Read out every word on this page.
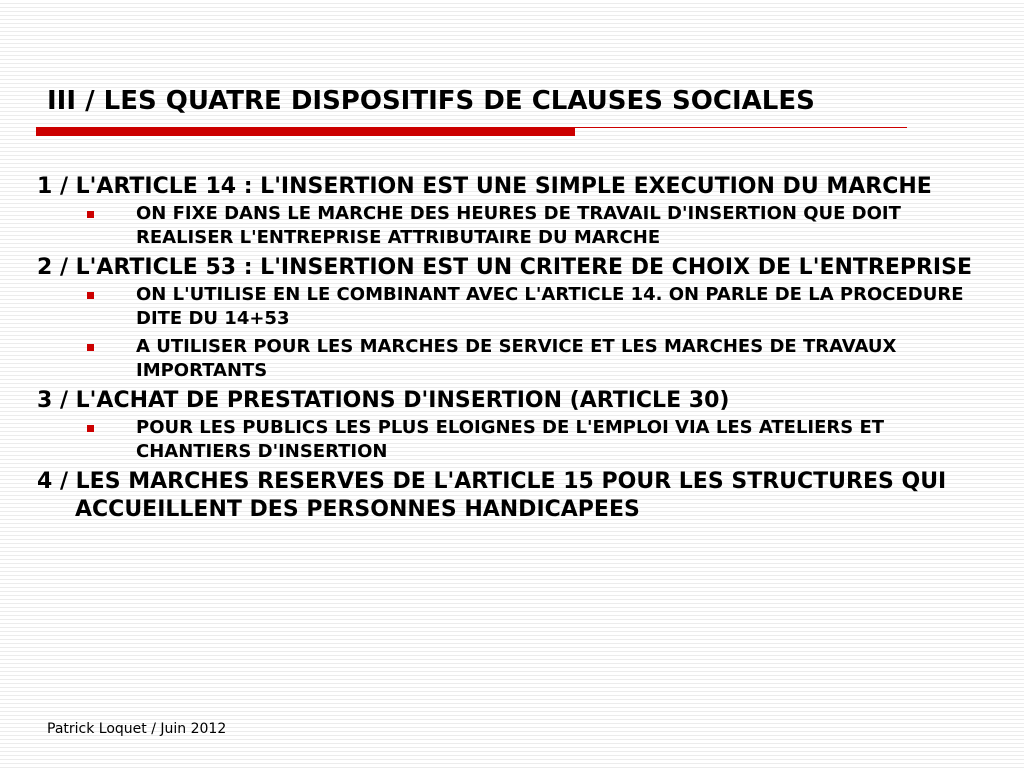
III / LES QUATRE DISPOSITIFS DE CLAUSES SOCIALES

1 / L'ARTICLE 14 : L'INSERTION EST UNE SIMPLE EXECUTION DU MARCHE

ON FIXE DANS LE MARCHE DES HEURES DE TRAVAIL D'INSERTION QUE DOIT REALISER L'ENTREPRISE ATTRIBUTAIRE DU MARCHE

2 / L'ARTICLE 53 : L'INSERTION EST UN CRITERE DE CHOIX DE L'ENTREPRISE

ON L'UTILISE EN LE COMBINANT AVEC L'ARTICLE 14. ON PARLE DE LA PROCEDURE DITE DU 14+53
A UTILISER POUR LES MARCHES DE SERVICE ET LES MARCHES DE TRAVAUX IMPORTANTS

3 / L'ACHAT DE PRESTATIONS D'INSERTION (ARTICLE 30)

POUR LES PUBLICS LES PLUS ELOIGNES DE L'EMPLOI VIA LES ATELIERS ET CHANTIERS D'INSERTION

4 / LES MARCHES RESERVES DE L'ARTICLE 15 POUR LES STRUCTURES QUI ACCUEILLENT DES PERSONNES HANDICAPEES

Patrick Loquet / Juin 2012
